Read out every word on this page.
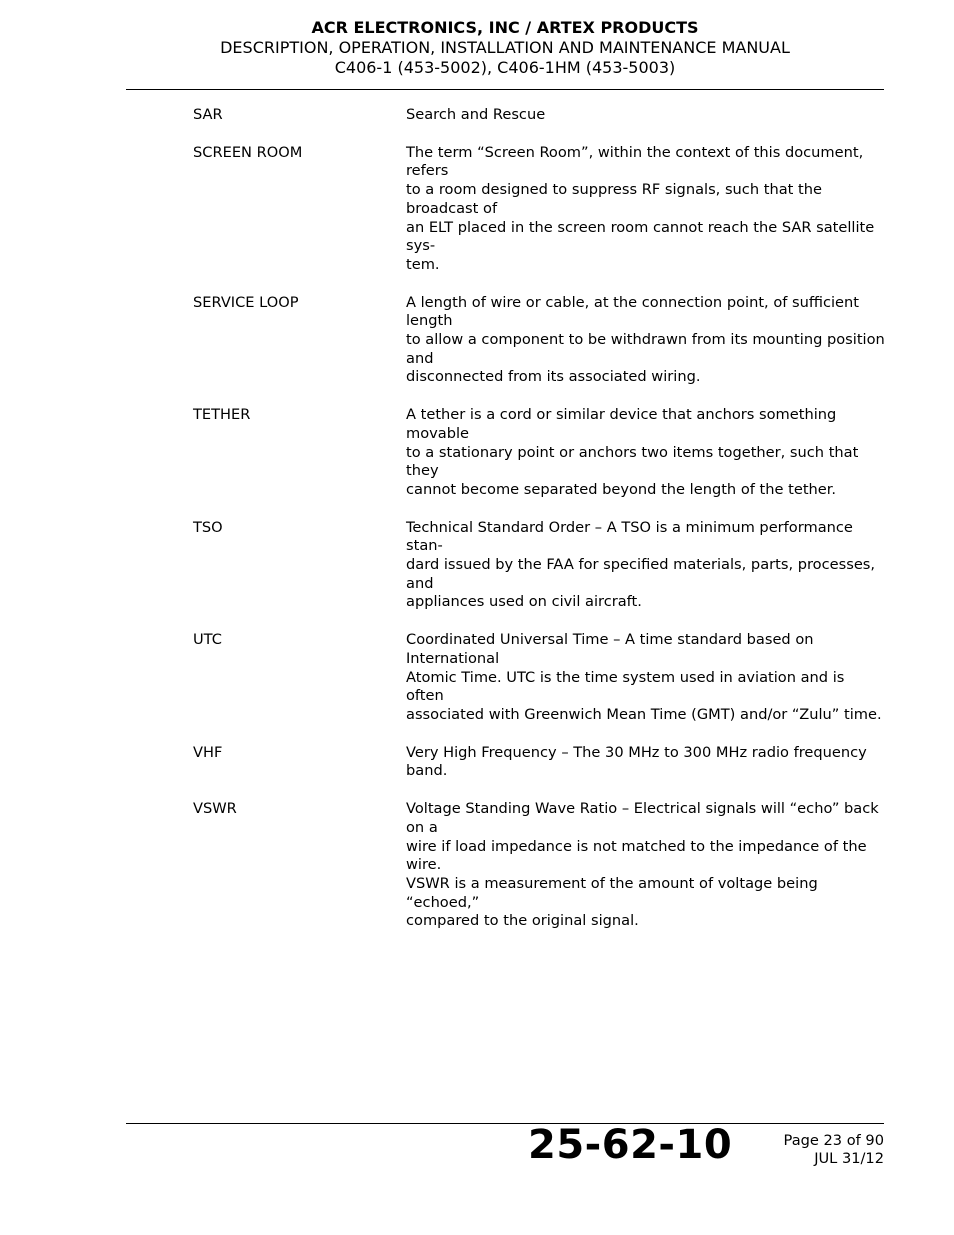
ACR ELECTRONICS, INC / ARTEX PRODUCTS
DESCRIPTION, OPERATION, INSTALLATION AND MAINTENANCE MANUAL
C406-1 (453-5002), C406-1HM (453-5003)
SAR	Search and Rescue
SCREEN ROOM	The term “Screen Room”, within the context of this document, refers
to a room designed to suppress RF signals, such that the broadcast of
an ELT placed in the screen room cannot reach the SAR satellite sys-
tem.
SERVICE LOOP	A length of wire or cable, at the connection point, of sufficient length
to allow a component to be withdrawn from its mounting position and
disconnected from its associated wiring.
TETHER	A tether is a cord or similar device that anchors something movable
to a stationary point or anchors two items together, such that they
cannot become separated beyond the length of the tether.
TSO	Technical Standard Order – A TSO is a minimum performance stan-
dard issued by the FAA for specified materials, parts, processes, and
appliances used on civil aircraft.
UTC	Coordinated Universal Time – A time standard based on International
Atomic Time. UTC is the time system used in aviation and is often
associated with Greenwich Mean Time (GMT) and/or “Zulu” time.
VHF	Very High Frequency – The 30 MHz to 300 MHz radio frequency band.
VSWR	Voltage Standing Wave Ratio – Electrical signals will “echo” back on a
wire if load impedance is not matched to the impedance of the wire.
VSWR is a measurement of the amount of voltage being “echoed,”
compared to the original signal.
25-62-10	Page 23 of 90
JUL 31/12
